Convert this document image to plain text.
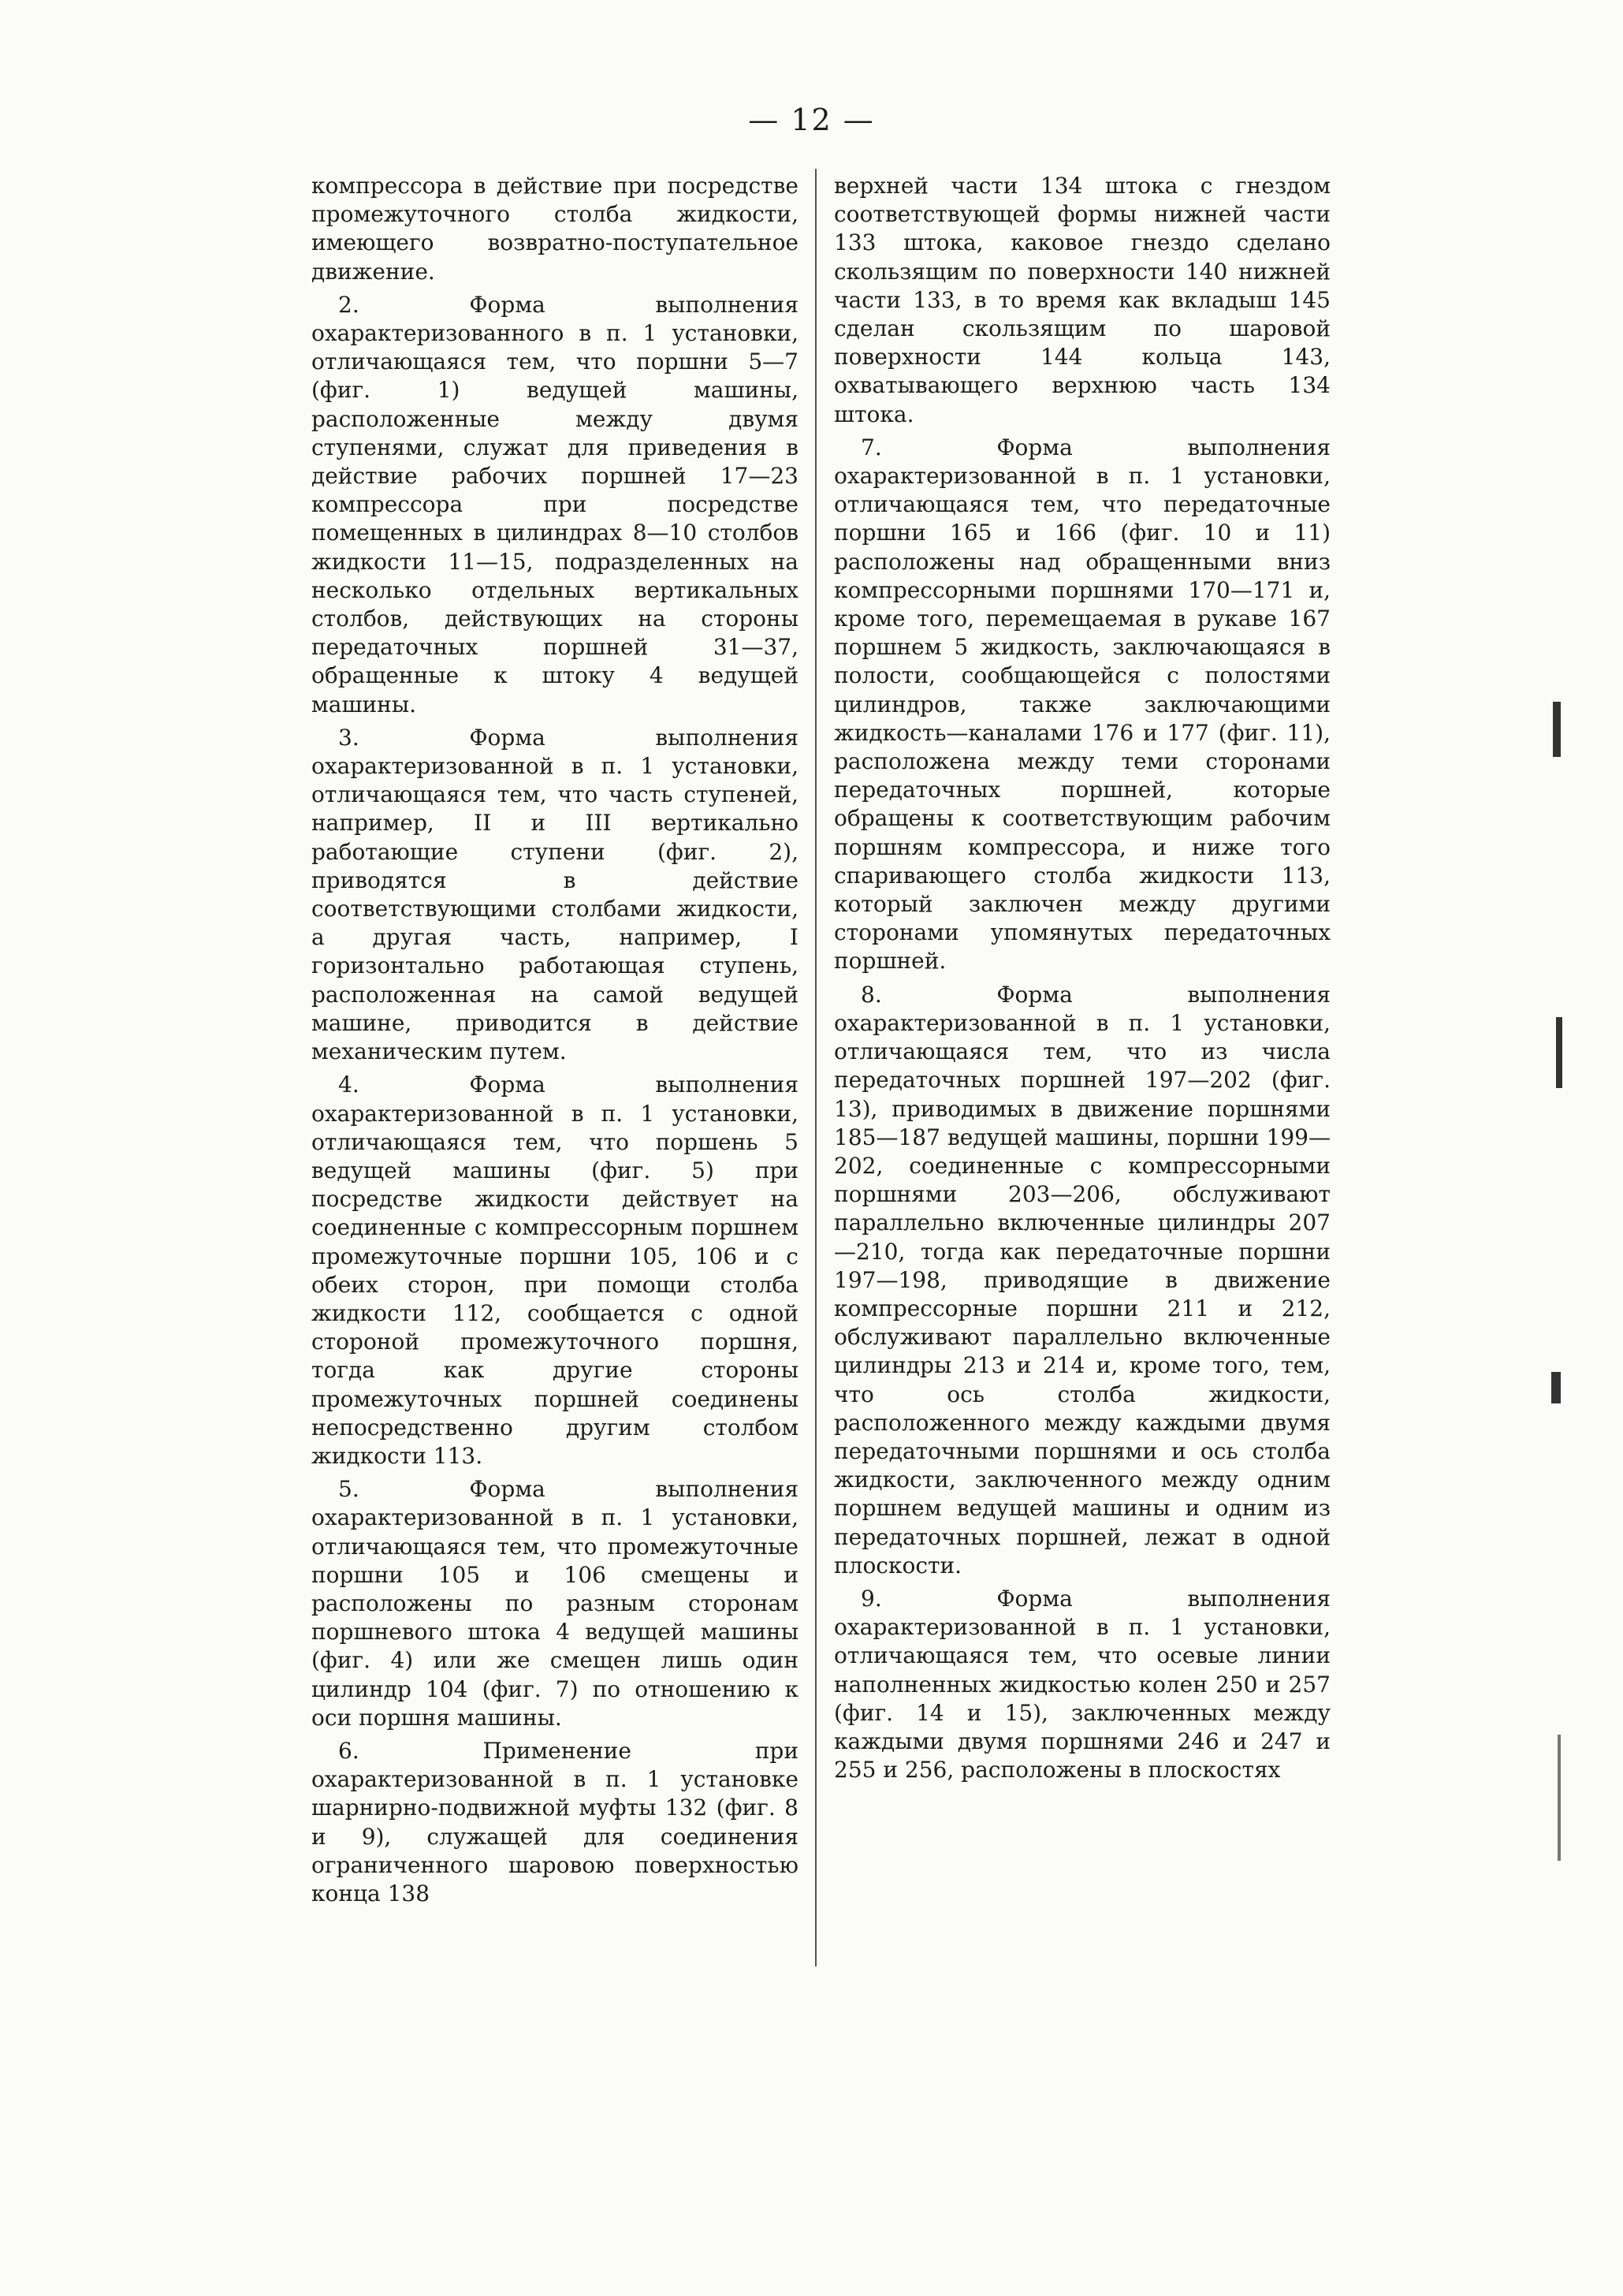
— 12 —

компрессора в действие при посредстве промежуточного столба жидкости, имеющего возвратно-поступательное движение.

2. Форма выполнения охарактеризованного в п. 1 установки, отличающаяся тем, что поршни 5—7 (фиг. 1) ведущей машины, расположенные между двумя ступенями, служат для приведения в действие рабочих поршней 17—23 компрессора при посредстве помещенных в цилиндрах 8—10 столбов жидкости 11—15, подразделенных на несколько отдельных вертикальных столбов, действующих на стороны передаточных поршней 31—37, обращенные к штоку 4 ведущей машины.

3. Форма выполнения охарактеризованной в п. 1 установки, отличающаяся тем, что часть ступеней, например, II и III вертикально работающие ступени (фиг. 2), приводятся в действие соответствующими столбами жидкости, а другая часть, например, I горизонтально работающая ступень, расположенная на самой ведущей машине, приводится в действие механическим путем.

4. Форма выполнения охарактеризованной в п. 1 установки, отличающаяся тем, что поршень 5 ведущей машины (фиг. 5) при посредстве жидкости действует на соединенные с компрессорным поршнем промежуточные поршни 105, 106 и с обеих сторон, при помощи столба жидкости 112, сообщается с одной стороной промежуточного поршня, тогда как другие стороны промежуточных поршней соединены непосредственно другим столбом жидкости 113.

5. Форма выполнения охарактеризованной в п. 1 установки, отличающаяся тем, что промежуточные поршни 105 и 106 смещены и расположены по разным сторонам поршневого штока 4 ведущей машины (фиг. 4) или же смещен лишь один цилиндр 104 (фиг. 7) по отношению к оси поршня машины.

6. Применение при охарактеризованной в п. 1 установке шарнирно-подвижной муфты 132 (фиг. 8 и 9), служащей для соединения ограниченного шаровою поверхностью конца 138

верхней части 134 штока с гнездом соответствующей формы нижней части 133 штока, каковое гнездо сделано скользящим по поверхности 140 нижней части 133, в то время как вкладыш 145 сделан скользящим по шаровой поверхности 144 кольца 143, охватывающего верхнюю часть 134 штока.

7. Форма выполнения охарактеризованной в п. 1 установки, отличающаяся тем, что передаточные поршни 165 и 166 (фиг. 10 и 11) расположены над обращенными вниз компрессорными поршнями 170—171 и, кроме того, перемещаемая в рукаве 167 поршнем 5 жидкость, заключающаяся в полости, сообщающейся с полостями цилиндров, также заключающими жидкость—каналами 176 и 177 (фиг. 11), расположена между теми сторонами передаточных поршней, которые обращены к соответствующим рабочим поршням компрессора, и ниже того спаривающего столба жидкости 113, который заключен между другими сторонами упомянутых передаточных поршней.

8. Форма выполнения охарактеризованной в п. 1 установки, отличающаяся тем, что из числа передаточных поршней 197—202 (фиг. 13), приводимых в движение поршнями 185—187 ведущей машины, поршни 199—202, соединенные с компрессорными поршнями 203—206, обслуживают параллельно включенные цилиндры 207—210, тогда как передаточные поршни 197—198, приводящие в движение компрессорные поршни 211 и 212, обслуживают параллельно включенные цилиндры 213 и 214 и, кроме того, тем, что ось столба жидкости, расположенного между каждыми двумя передаточными поршнями и ось столба жидкости, заключенного между одним поршнем ведущей машины и одним из передаточных поршней, лежат в одной плоскости.

9. Форма выполнения охарактеризованной в п. 1 установки, отличающаяся тем, что осевые линии наполненных жидкостью колен 250 и 257 (фиг. 14 и 15), заключенных между каждыми двумя поршнями 246 и 247 и 255 и 256, расположены в плоскостях
